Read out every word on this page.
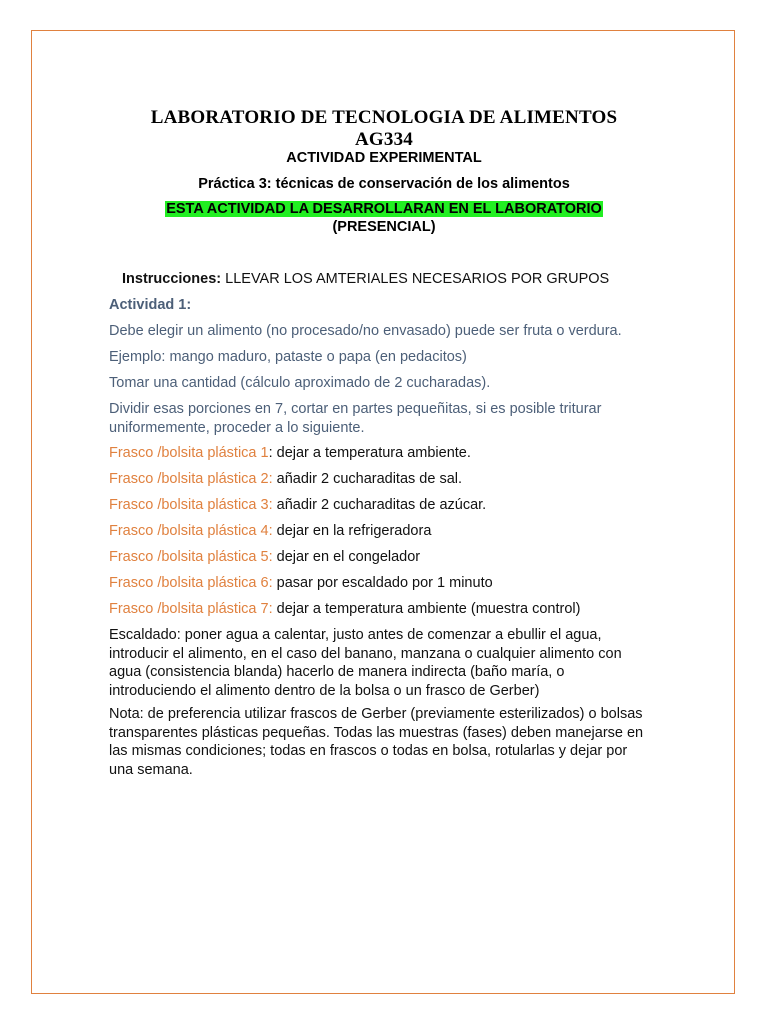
LABORATORIO DE TECNOLOGIA DE ALIMENTOS
AG334
ACTIVIDAD EXPERIMENTAL
Práctica 3: técnicas de conservación de los alimentos
ESTA ACTIVIDAD LA DESARROLLARAN EN EL LABORATORIO
(PRESENCIAL)
Instrucciones: LLEVAR LOS AMTERIALES NECESARIOS POR GRUPOS
Actividad 1:
Debe elegir un alimento (no procesado/no envasado) puede ser fruta o verdura.
Ejemplo: mango maduro, pataste o papa (en pedacitos)
Tomar una cantidad (cálculo aproximado de 2 cucharadas).
Dividir esas porciones en 7, cortar en partes pequeñitas, si es posible triturar uniformemente, proceder a lo siguiente.
Frasco /bolsita plástica 1: dejar a temperatura ambiente.
Frasco /bolsita plástica 2: añadir 2 cucharaditas de sal.
Frasco /bolsita plástica 3: añadir 2 cucharaditas de azúcar.
Frasco /bolsita plástica 4: dejar en la refrigeradora
Frasco /bolsita plástica 5: dejar en el congelador
Frasco /bolsita plástica 6: pasar por escaldado por 1 minuto
Frasco /bolsita plástica 7: dejar a temperatura ambiente (muestra control)
Escaldado: poner agua a calentar, justo antes de comenzar a ebullir el agua, introducir el alimento, en el caso del banano, manzana o cualquier alimento con agua (consistencia blanda) hacerlo de manera indirecta (baño maría, o introduciendo el alimento dentro de la bolsa o un frasco de Gerber)
Nota: de preferencia utilizar frascos de Gerber (previamente esterilizados) o bolsas transparentes plásticas pequeñas. Todas las muestras (fases) deben manejarse en las mismas condiciones; todas en frascos o todas en bolsa, rotularlas y dejar por una semana.
